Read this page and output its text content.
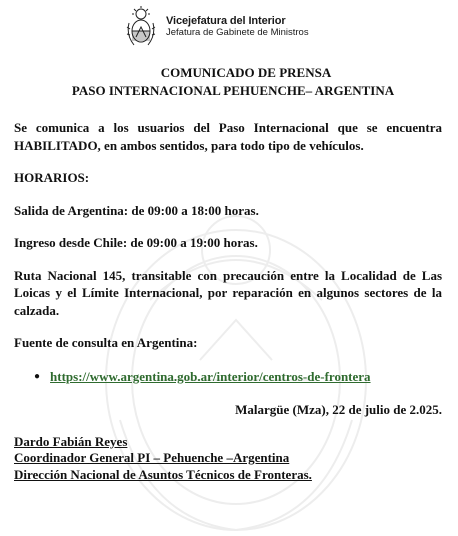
Vicejefatura del Interior
Jefatura de Gabinete de Ministros
COMUNICADO DE PRENSA
PASO INTERNACIONAL PEHUENCHE– ARGENTINA

Se comunica a los usuarios del Paso Internacional que se encuentra HABILITADO, en ambos sentidos, para todo tipo de vehículos.

HORARIOS:

Salida de Argentina: de 09:00 a 18:00 horas.

Ingreso desde Chile: de 09:00 a 19:00 horas.

Ruta Nacional 145, transitable con precaución entre la Localidad de Las Loicas y el Límite Internacional, por reparación en algunos sectores de la calzada.

Fuente de consulta en Argentina:

● https://www.argentina.gob.ar/interior/centros-de-frontera

Malargüe (Mza), 22 de julio de 2.025.

Dardo Fabián Reyes
Coordinador General PI – Pehuenche –Argentina
Dirección Nacional de Asuntos Técnicos de Fronteras.
